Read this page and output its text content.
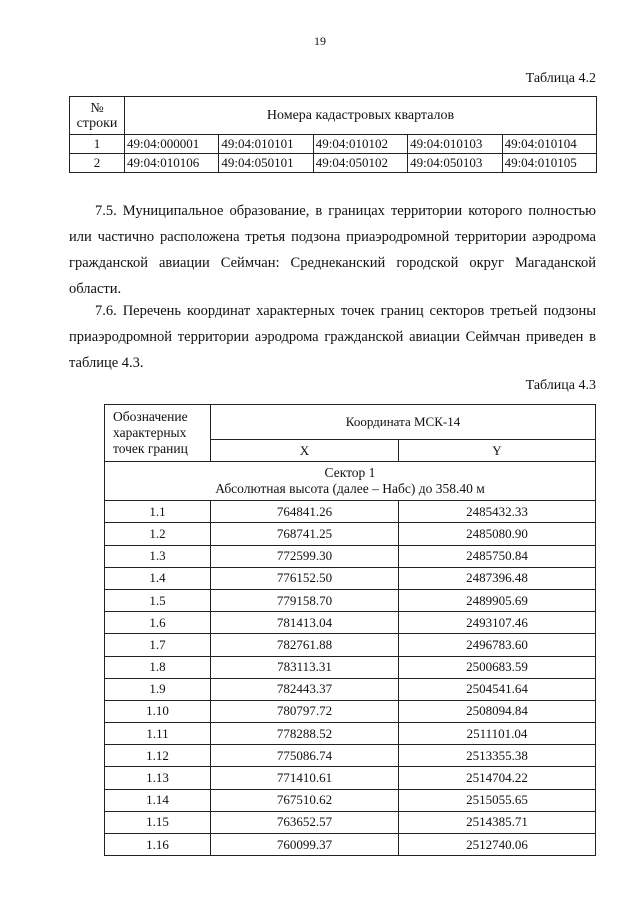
19
Таблица 4.2
№ строки	Номера кадастровых кварталов				
1	49:04:000001	49:04:010101	49:04:010102	49:04:010103	49:04:010104
2	49:04:010106	49:04:050101	49:04:050102	49:04:050103	49:04:010105

7.5. Муниципальное образование, в границах территории которого полностью или частично расположена третья подзона приаэродромной территории аэродрома гражданской авиации Сеймчан: Среднеканский городской округ Магаданской области.

7.6. Перечень координат характерных точек границ секторов третьей подзоны приаэродромной территории аэродрома гражданской авиации Сеймчан приведен в таблице 4.3.

Таблица 4.3
Обозначение характерных точек границ	Координата МСК-14	
	X	Y

Сектор 1
Абсолютная высота (далее – Набс) до 358.40 м		

1.1	764841.26	2485432.33
1.2	768741.25	2485080.90
1.3	772599.30	2485750.84
1.4	776152.50	2487396.48
1.5	779158.70	2489905.69
1.6	781413.04	2493107.46
1.7	782761.88	2496783.60
1.8	783113.31	2500683.59
1.9	782443.37	2504541.64
1.10	780797.72	2508094.84
1.11	778288.52	2511101.04
1.12	775086.74	2513355.38
1.13	771410.61	2514704.22
1.14	767510.62	2515055.65
1.15	763652.57	2514385.71
1.16	760099.37	2512740.06
